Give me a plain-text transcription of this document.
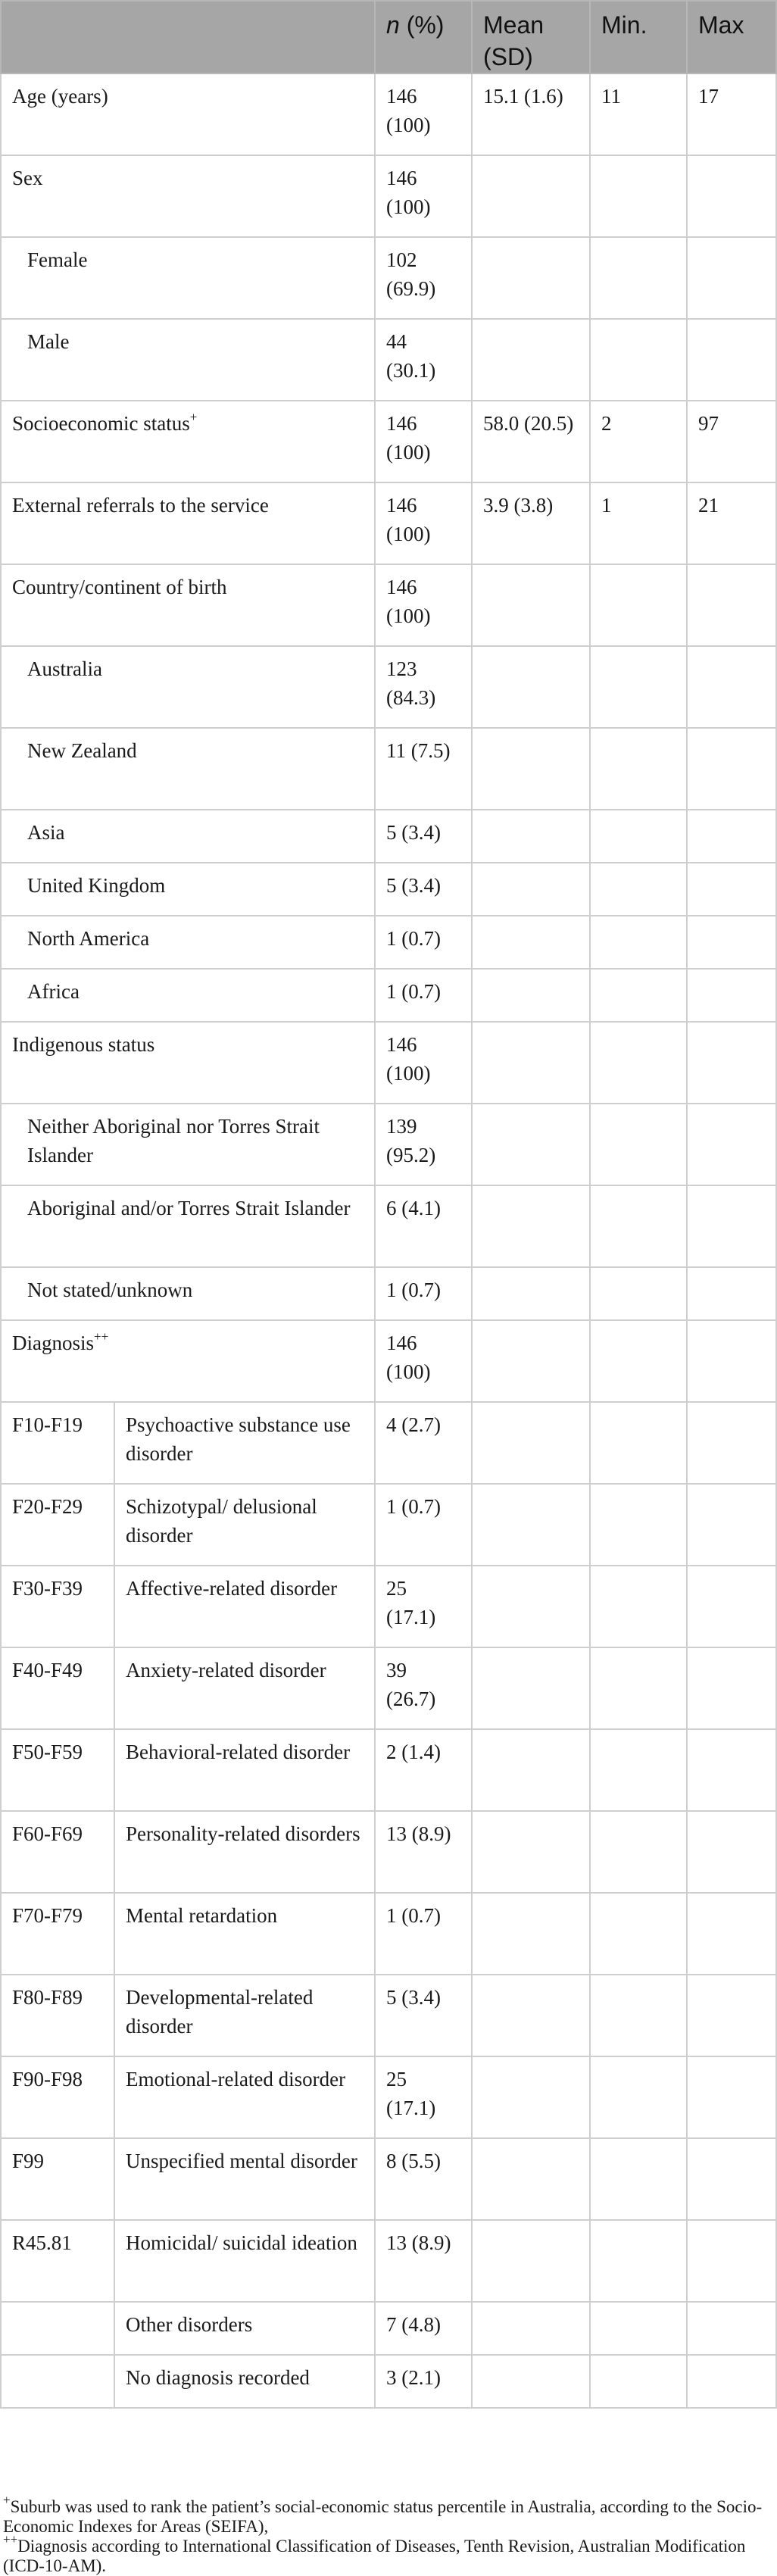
		n (%)	Mean (SD)	Min.	Max
Age (years)		146 (100)	15.1 (1.6)	11	17
Sex		146 (100)			
Female		102 (69.9)			
Male		44 (30.1)			
Socioeconomic status+		146 (100)	58.0 (20.5)	2	97
External referrals to the service		146 (100)	3.9 (3.8)	1	21
Country/continent of birth		146 (100)			
Australia		123 (84.3)			
New Zealand		11 (7.5)			
Asia		5 (3.4)			
United Kingdom		5 (3.4)			
North America		1 (0.7)			
Africa		1 (0.7)			
Indigenous status		146 (100)			
Neither Aboriginal nor Torres Strait Islander		139 (95.2)			
Aboriginal and/or Torres Strait Islander		6 (4.1)			
Not stated/unknown		1 (0.7)			
Diagnosis++		146 (100)			
F10-F19	Psychoactive substance use disorder	4 (2.7)			
F20-F29	Schizotypal/ delusional disorder	1 (0.7)			
F30-F39	Affective-related disorder	25 (17.1)			
F40-F49	Anxiety-related disorder	39 (26.7)			
F50-F59	Behavioral-related disorder	2 (1.4)			
F60-F69	Personality-related disorders	13 (8.9)			
F70-F79	Mental retardation	1 (0.7)			
F80-F89	Developmental-related disorder	5 (3.4)			
F90-F98	Emotional-related disorder	25 (17.1)			
F99	Unspecified mental disorder	8 (5.5)			
R45.81	Homicidal/ suicidal ideation	13 (8.9)			
	Other disorders	7 (4.8)			
	No diagnosis recorded	3 (2.1)			

+Suburb was used to rank the patient’s social-economic status percentile in Australia, according to the Socio-Economic Indexes for Areas (SEIFA),

++Diagnosis according to International Classification of Diseases, Tenth Revision, Australian Modification (ICD-10-AM).
